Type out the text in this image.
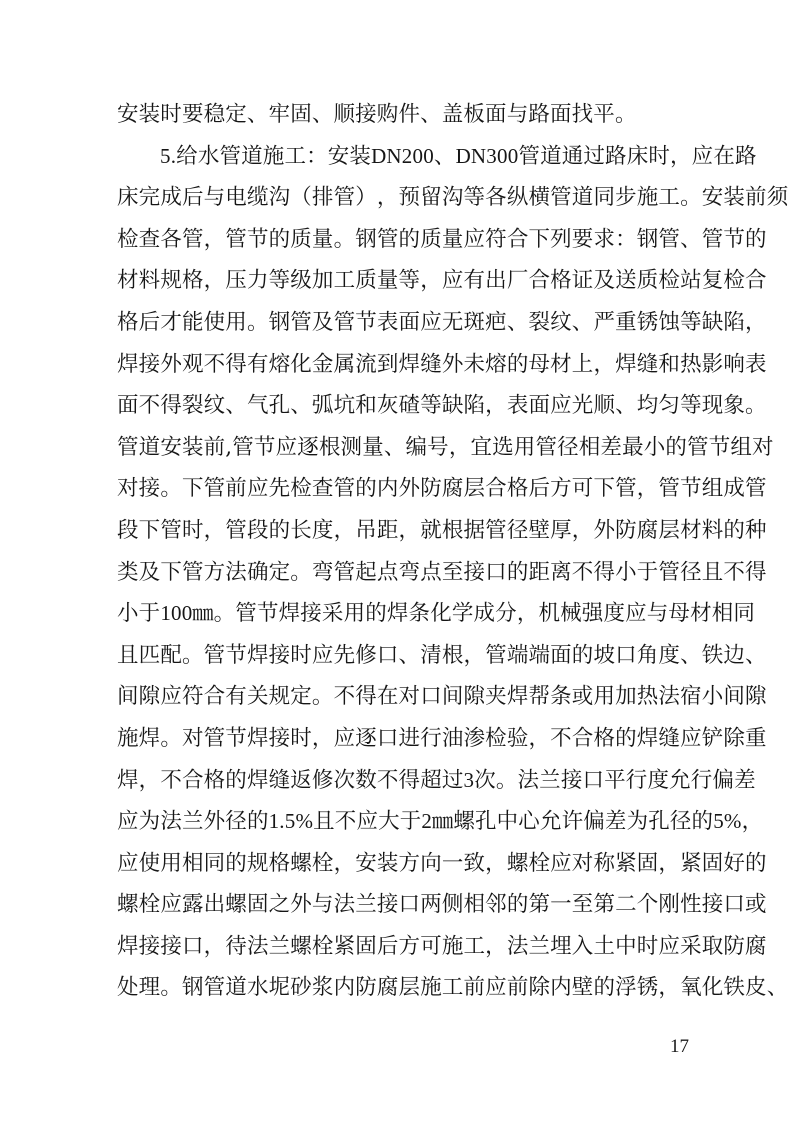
安装时要稳定、牢固、顺接购件、盖板面与路面找平。
5. 给 水 管 道 施 工 ： 安 装 DN200 、 DN300 管 道 通 过 路 床 时 ， 应 在 路
床 完 成 后 与 电 缆 沟 （ 排 管 ） ， 预 留 沟 等 各 纵 横 管 道 同 步 施 工 。 安 装 前 须
检 查 各 管 ， 管 节 的 质 量 。 钢 管 的 质 量 应 符 合 下 列 要 求 ： 钢 管 、 管 节 的
材 料 规 格 ， 压 力 等 级 加 工 质 量 等 ， 应 有 出 厂 合 格 证 及 送 质 检 站 复 检 合
格 后 才 能 使 用 。 钢 管 及 管 节 表 面 应 无 斑 疤 、 裂 纹 、 严 重 锈 蚀 等 缺 陷 ，
焊 接 外 观 不 得 有 熔 化 金 属 流 到 焊 缝 外 未 熔 的 母 材 上 ， 焊 缝 和 热 影 响 表
面 不 得 裂 纹 、 气 孔 、 弧 坑 和 灰 碴 等 缺 陷 ， 表 面 应 光 顺 、 均 匀 等 现 象 。
管 道 安 装 前 , 管 节 应 逐 根 测 量 、 编 号 ， 宜 选 用 管 径 相 差 最 小 的 管 节 组 对
对 接 。 下 管 前 应 先 检 查 管 的 内 外 防 腐 层 合 格 后 方 可 下 管 ， 管 节 组 成 管
段 下 管 时 ， 管 段 的 长 度 ， 吊 距 ， 就 根 据 管 径 壁 厚 ， 外 防 腐 层 材 料 的 种
类 及 下 管 方 法 确 定 。 弯 管 起 点 弯 点 至 接 口 的 距 离 不 得 小 于 管 径 且 不 得
小 于 100 ㎜ 。 管 节 焊 接 采 用 的 焊 条 化 学 成 分 ， 机 械 强 度 应 与 母 材 相 同
且 匹 配 。 管 节 焊 接 时 应 先 修 口 、 清 根 ， 管 端 端 面 的 坡 口 角 度 、 铁 边 、
间 隙 应 符 合 有 关 规 定 。 不 得 在 对 口 间 隙 夹 焊 帮 条 或 用 加 热 法 宿 小 间 隙
施 焊 。 对 管 节 焊 接 时 ， 应 逐 口 进 行 油 渗 检 验 ， 不 合 格 的 焊 缝 应 铲 除 重
焊 ， 不 合 格 的 焊 缝 返 修 次 数 不 得 超 过 3 次 。 法 兰 接 口 平 行 度 允 行 偏 差
应 为 法 兰 外 径 的 1.5% 且 不 应 大 于 2 ㎜ 螺 孔 中 心 允 许 偏 差 为 孔 径 的 5% ，
应 使 用 相 同 的 规 格 螺 栓 ， 安 装 方 向 一 致 ， 螺 栓 应 对 称 紧 固 ， 紧 固 好 的
螺 栓 应 露 出 螺 固 之 外 与 法 兰 接 口 两 侧 相 邻 的 第 一 至 第 二 个 刚 性 接 口 或
焊 接 接 口 ， 待 法 兰 螺 栓 紧 固 后 方 可 施 工 ， 法 兰 埋 入 土 中 时 应 采 取 防 腐
处 理 。 钢 管 道 水 坭 砂 浆 内 防 腐 层 施 工 前 应 前 除 内 壁 的 浮 锈 ， 氧 化 铁 皮 、
17
